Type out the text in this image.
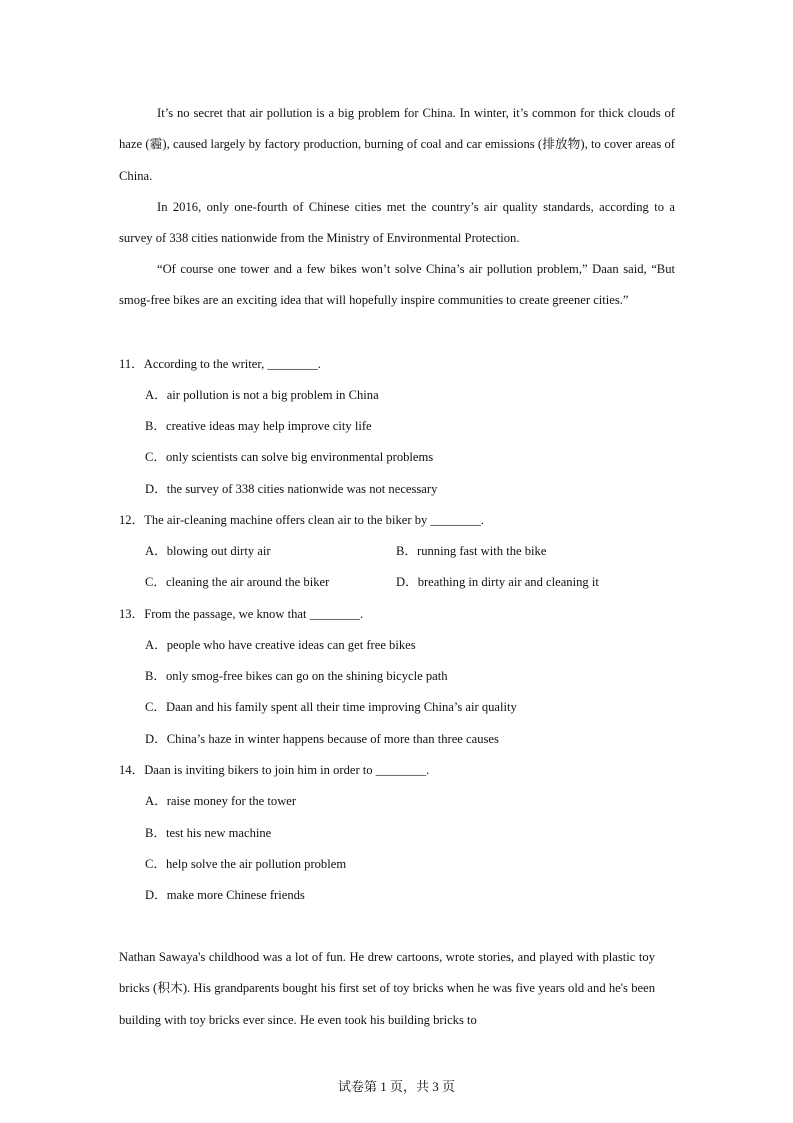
It’s no secret that air pollution is a big problem for China. In winter, it’s common for thick clouds of haze (霾), caused largely by factory production, burning of coal and car emissions (排放物), to cover areas of China.

In 2016, only one-fourth of Chinese cities met the country’s air quality standards, according to a survey of 338 cities nationwide from the Ministry of Environmental Protection.

“Of course one tower and a few bikes won’t solve China’s air pollution problem,” Daan said, “But smog-free bikes are an exciting idea that will hopefully inspire communities to create greener cities.”

11．According to the writer, ________.
A．air pollution is not a big problem in China
B．creative ideas may help improve city life
C．only scientists can solve big environmental problems
D．the survey of 338 cities nationwide was not necessary
12．The air-cleaning machine offers clean air to the biker by ________.
A．blowing out dirty air	B．running fast with the bike
C．cleaning the air around the biker	D．breathing in dirty air and cleaning it
13．From the passage, we know that ________.
A．people who have creative ideas can get free bikes
B．only smog-free bikes can go on the shining bicycle path
C．Daan and his family spent all their time improving China’s air quality
D．China’s haze in winter happens because of more than three causes
14．Daan is inviting bikers to join him in order to ________.
A．raise money for the tower
B．test his new machine
C．help solve the air pollution problem
D．make more Chinese friends

Nathan Sawaya's childhood was a lot of fun. He drew cartoons, wrote stories, and played with plastic toy bricks (积木). His grandparents bought his first set of toy bricks when he was five years old and he's been building with toy bricks ever since. He even took his building bricks to

试卷第 1 页，共 3 页
